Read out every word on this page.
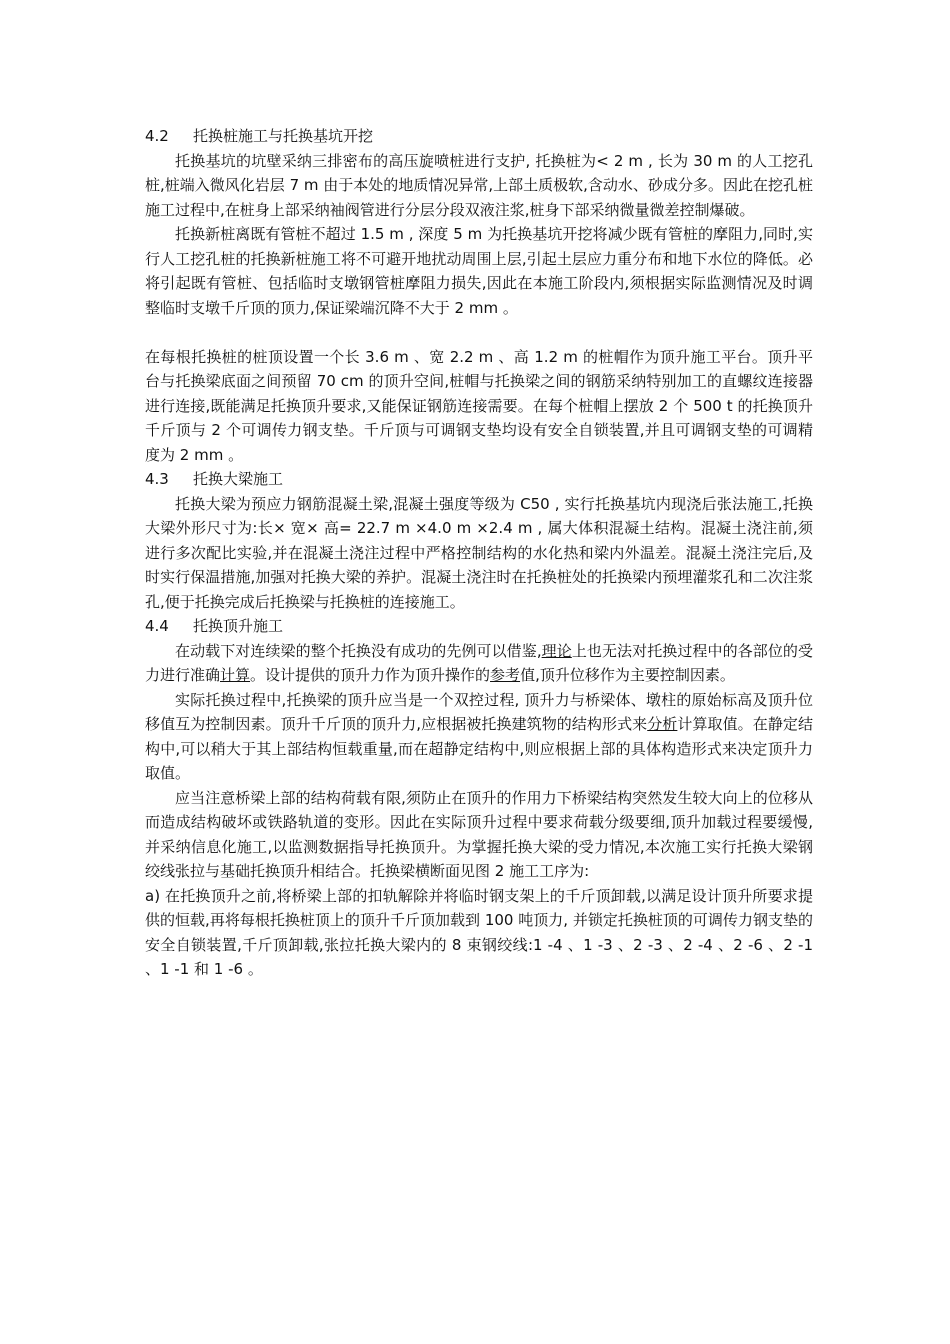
4.2 托换桩施工与托换基坑开挖

托换基坑的坑壁采纳三排密布的高压旋喷桩进行支护, 托换桩为< 2 m , 长为 30 m 的人工挖孔桩,桩端入微风化岩层 7 m 由于本处的地质情况异常,上部土质极软,含动水、砂成分多。因此在挖孔桩施工过程中,在桩身上部采纳袖阀管进行分层分段双液注浆,桩身下部采纳微量微差控制爆破。

托换新桩离既有管桩不超过 1.5 m , 深度 5 m 为托换基坑开挖将减少既有管桩的摩阻力,同时,实行人工挖孔桩的托换新桩施工将不可避开地扰动周围上层,引起土层应力重分布和地下水位的降低。必将引起既有管桩、包括临时支墩钢管桩摩阻力损失,因此在本施工阶段内,须根据实际监测情况及时调整临时支墩千斤顶的顶力,保证梁端沉降不大于 2 mm 。

在每根托换桩的桩顶设置一个长 3.6 m 、宽 2.2 m 、高 1.2 m 的桩帽作为顶升施工平台。顶升平台与托换梁底面之间预留 70 cm 的顶升空间,桩帽与托换梁之间的钢筋采纳特别加工的直螺纹连接器进行连接,既能满足托换顶升要求,又能保证钢筋连接需要。在每个桩帽上摆放 2 个 500 t 的托换顶升千斤顶与 2 个可调传力钢支垫。千斤顶与可调钢支垫均设有安全自锁装置,并且可调钢支垫的可调精度为 2 mm 。

4.3 托换大梁施工

托换大梁为预应力钢筋混凝土梁,混凝土强度等级为 C50 , 实行托换基坑内现浇后张法施工,托换大梁外形尺寸为:长× 宽× 高= 22.7 m ×4.0 m ×2.4 m , 属大体积混凝土结构。混凝土浇注前,须进行多次配比实验,并在混凝土浇注过程中严格控制结构的水化热和梁内外温差。混凝土浇注完后,及时实行保温措施,加强对托换大梁的养护。混凝土浇注时在托换桩处的托换梁内预埋灌浆孔和二次注浆孔,便于托换完成后托换梁与托换桩的连接施工。

4.4 托换顶升施工

在动载下对连续梁的整个托换没有成功的先例可以借鉴,理论上也无法对托换过程中的各部位的受力进行准确计算。设计提供的顶升力作为顶升操作的参考值,顶升位移作为主要控制因素。

实际托换过程中,托换梁的顶升应当是一个双控过程, 顶升力与桥梁体、墩柱的原始标高及顶升位移值互为控制因素。顶升千斤顶的顶升力,应根据被托换建筑物的结构形式来分析计算取值。在静定结构中,可以稍大于其上部结构恒载重量,而在超静定结构中,则应根据上部的具体构造形式来决定顶升力取值。

应当注意桥梁上部的结构荷载有限,须防止在顶升的作用力下桥梁结构突然发生较大向上的位移从而造成结构破坏或铁路轨道的变形。因此在实际顶升过程中要求荷载分级要细,顶升加载过程要缓慢,并采纳信息化施工,以监测数据指导托换顶升。为掌握托换大梁的受力情况,本次施工实行托换大梁钢绞线张拉与基础托换顶升相结合。托换梁横断面见图 2 施工工序为:

a) 在托换顶升之前,将桥梁上部的扣轨解除并将临时钢支架上的千斤顶卸载,以满足设计顶升所要求提供的恒载,再将每根托换桩顶上的顶升千斤顶加载到 100 吨顶力, 并锁定托换桩顶的可调传力钢支垫的安全自锁装置,千斤顶卸载,张拉托换大梁内的 8 束钢绞线:1 -4 、1 -3 、2 -3 、2 -4 、2 -6 、2 -1 、1 -1 和 1 -6 。
